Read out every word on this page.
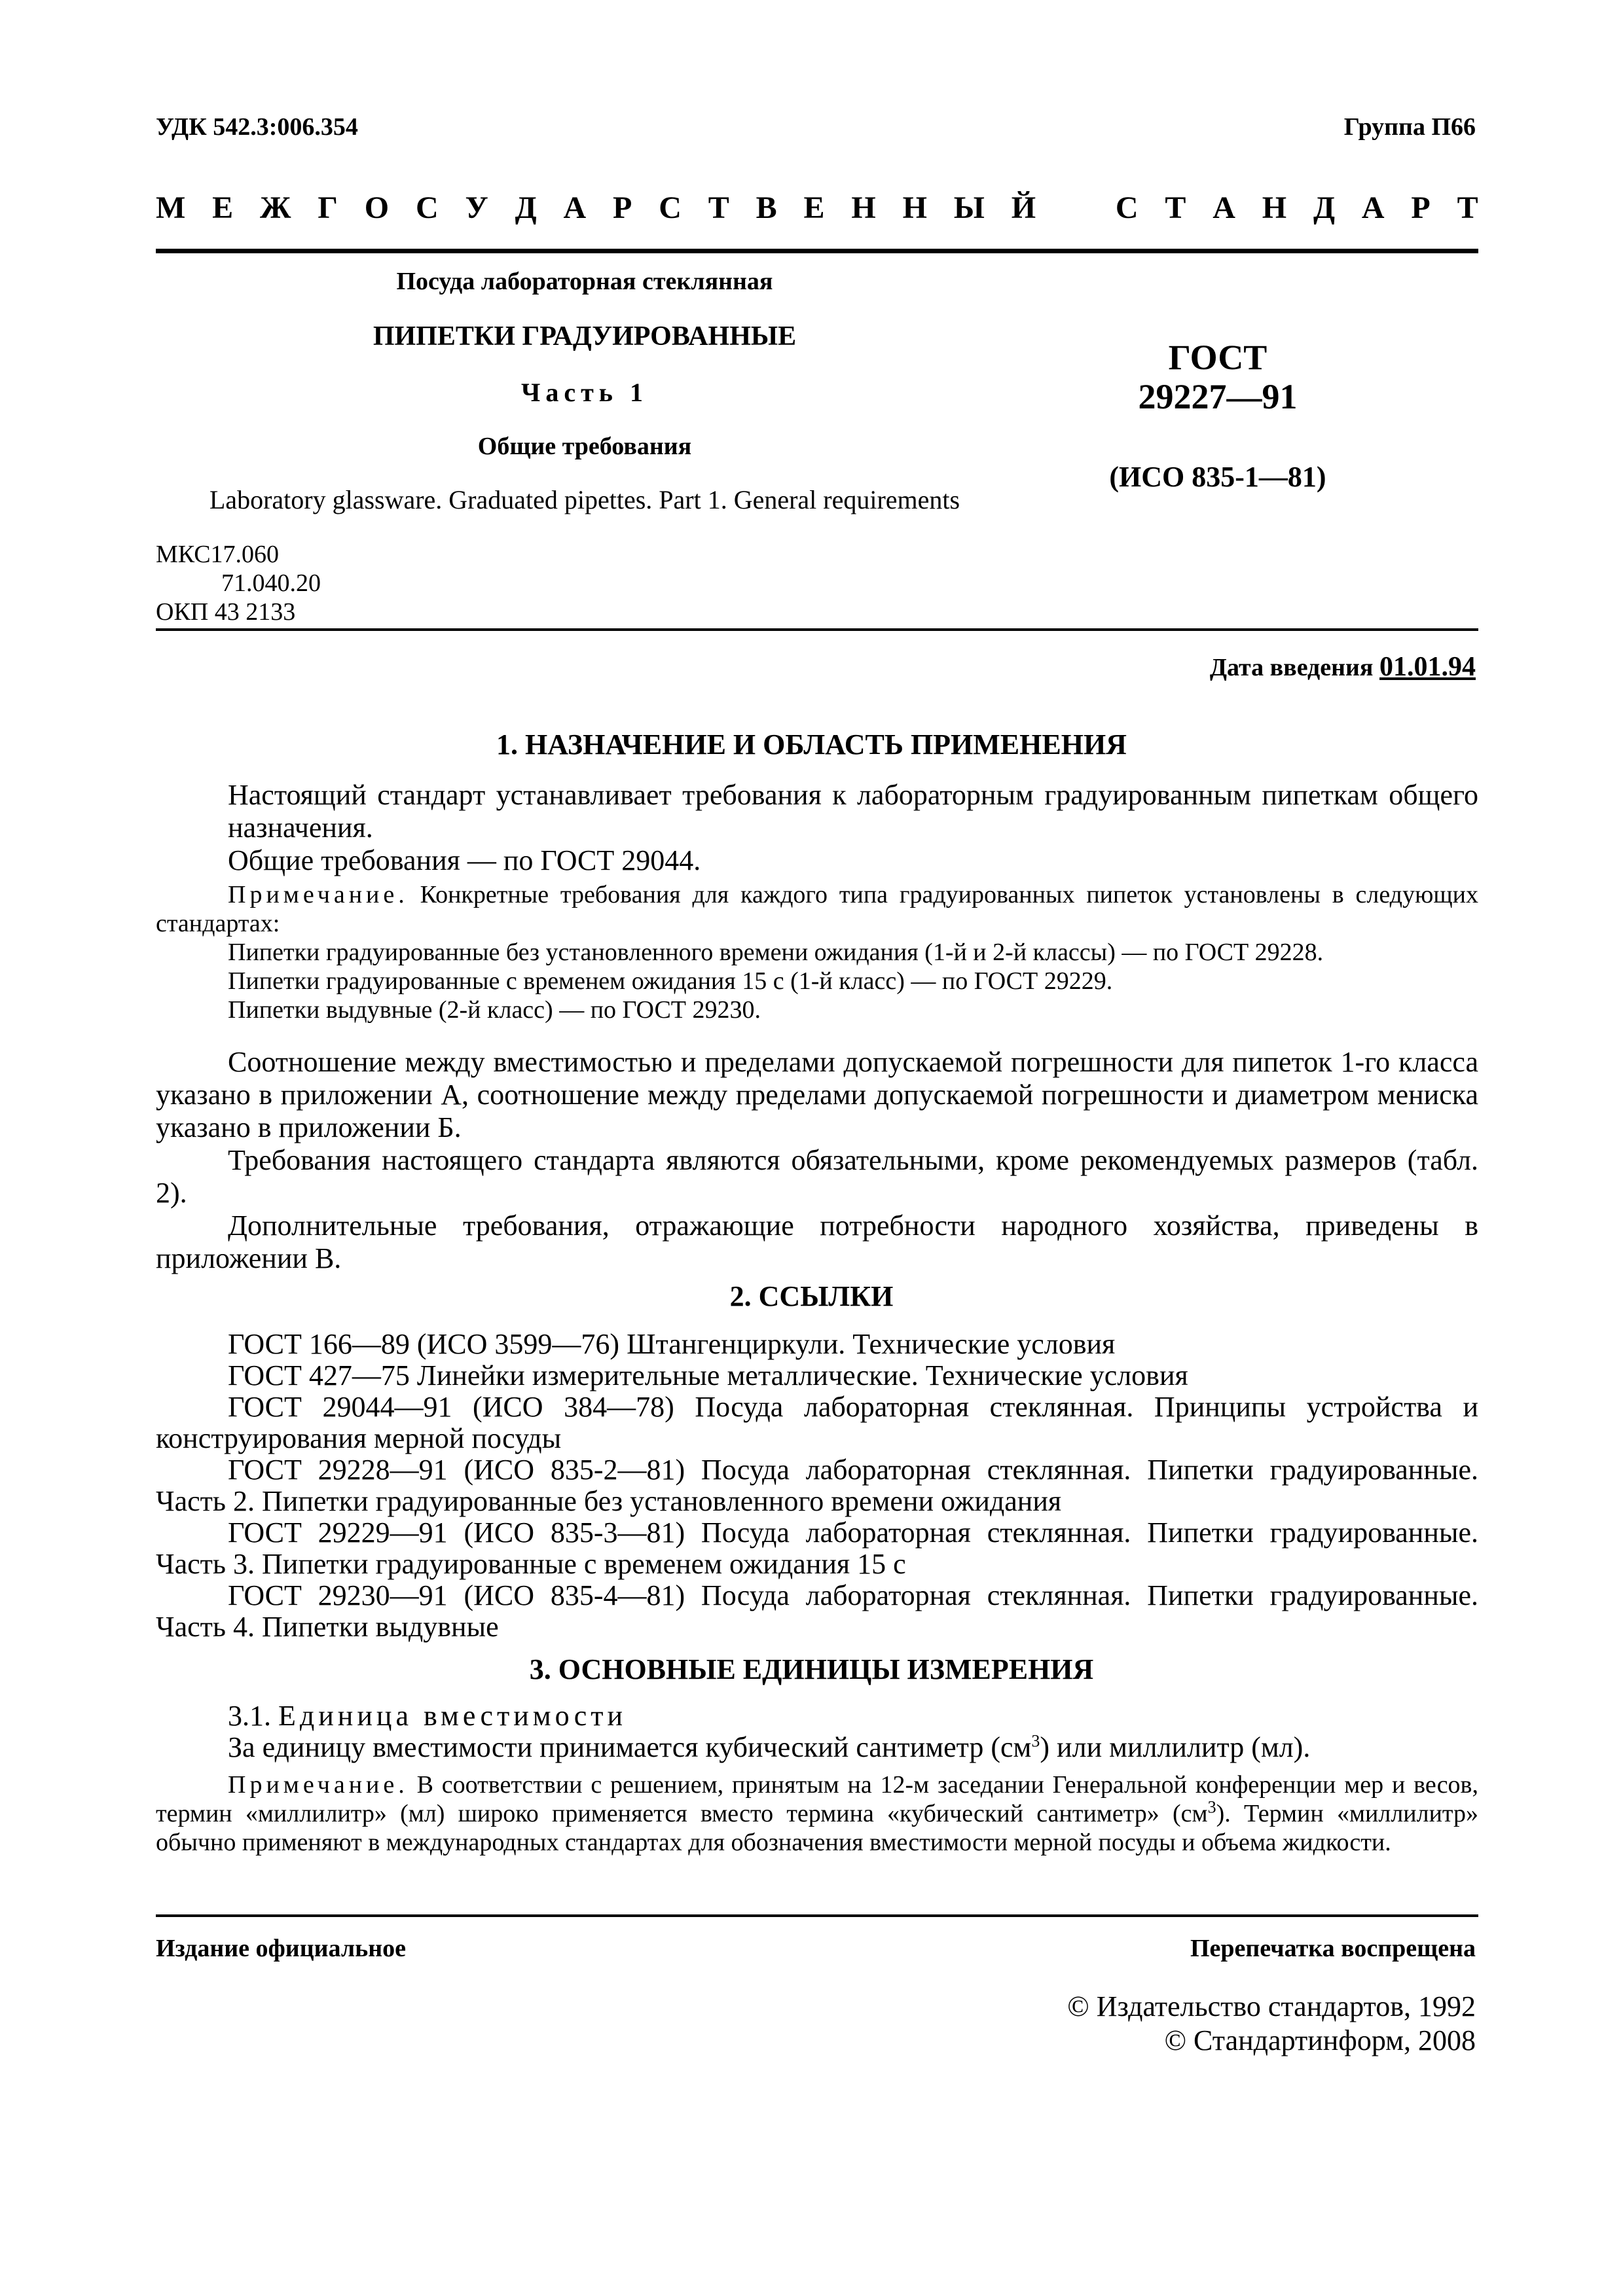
УДК 542.3:006.354	Группа П66
М Е Ж Г О С У Д А Р С Т В Е Н Н Ы Й	С Т А Н Д А Р Т
Посуда лабораторная стеклянная
ПИПЕТКИ ГРАДУИРОВАННЫЕ
Часть 1
Общие требования
Laboratory glassware. Graduated pipettes. Part 1. General requirements
ГОСТ
29227—91
(ИСО 835-1—81)
МКС17.060
71.040.20
ОКП 43 2133
Дата введения 01.01.94
1. НАЗНАЧЕНИЕ И ОБЛАСТЬ ПРИМЕНЕНИЯ
Настоящий стандарт устанавливает требования к лабораторным градуированным пипеткам общего назначения.
Общие требования — по ГОСТ 29044.
Примечание. Конкретные требования для каждого типа градуированных пипеток установлены в следующих стандартах:
Пипетки градуированные без установленного времени ожидания (1-й и 2-й классы) — по ГОСТ 29228.
Пипетки градуированные с временем ожидания 15 с (1-й класс) — по ГОСТ 29229.
Пипетки выдувные (2-й класс) — по ГОСТ 29230.
Соотношение между вместимостью и пределами допускаемой погрешности для пипеток 1-го класса указано в приложении А, соотношение между пределами допускаемой погрешности и диаметром мениска указано в приложении Б.
Требования настоящего стандарта являются обязательными, кроме рекомендуемых размеров (табл. 2).
Дополнительные требования, отражающие потребности народного хозяйства, приведены в приложении В.
2. ССЫЛКИ
ГОСТ 166—89 (ИСО 3599—76) Штангенциркули. Технические условия
ГОСТ 427—75 Линейки измерительные металлические. Технические условия
ГОСТ 29044—91 (ИСО 384—78) Посуда лабораторная стеклянная. Принципы устройства и конструирования мерной посуды
ГОСТ 29228—91 (ИСО 835-2—81) Посуда лабораторная стеклянная. Пипетки градуированные. Часть 2. Пипетки градуированные без установленного времени ожидания
ГОСТ 29229—91 (ИСО 835-3—81) Посуда лабораторная стеклянная. Пипетки градуированные. Часть 3. Пипетки градуированные с временем ожидания 15 с
ГОСТ 29230—91 (ИСО 835-4—81) Посуда лабораторная стеклянная. Пипетки градуированные. Часть 4. Пипетки выдувные
3. ОСНОВНЫЕ ЕДИНИЦЫ ИЗМЕРЕНИЯ
3.1. Единица вместимости
За единицу вместимости принимается кубический сантиметр $(см^3)$ или миллилитр (мл).
Примечание. В соответствии с решением, принятым на 12-м заседании Генеральной конференции мер и весов, термин «миллилитр» (мл) широко применяется вместо термина «кубический сантиметр» $(см^3)$. Термин «миллилитр» обычно применяют в международных стандартах для обозначения вместимости мерной посуды и объема жидкости.
Издание официальное	Перепечатка воспрещена
© Издательство стандартов, 1992
© Стандартинформ, 2008
